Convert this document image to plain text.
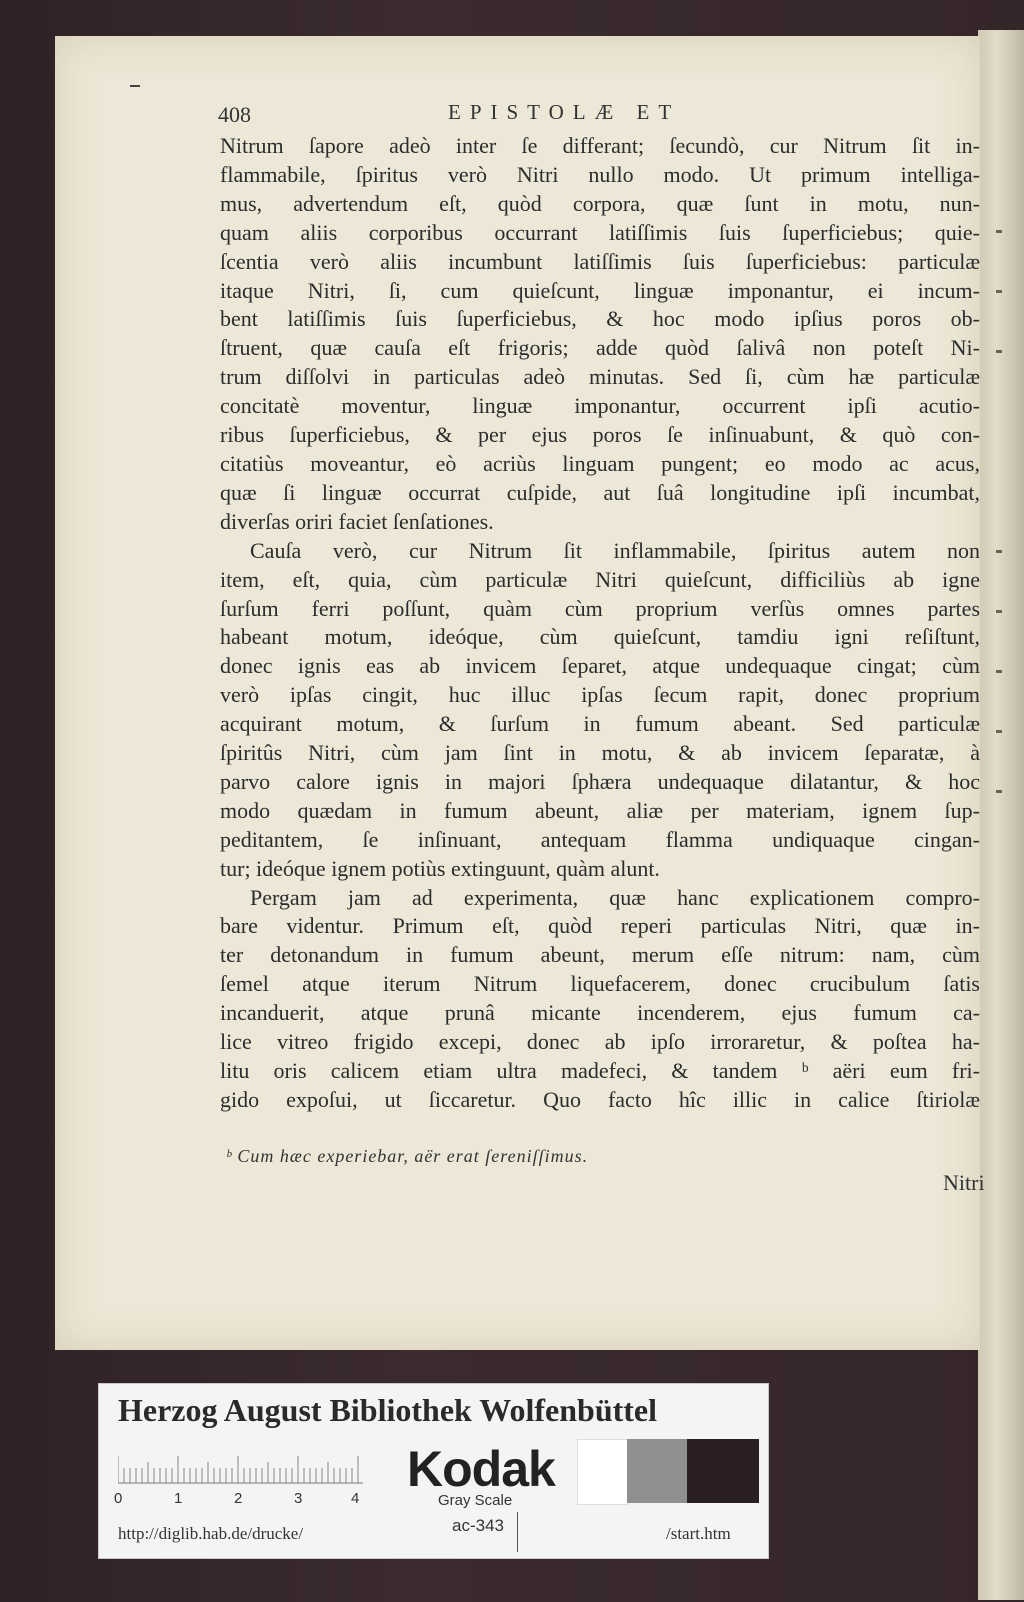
408	EPISTOLÆ ET
Nitrum ſapore adeò inter ſe differant; ſecundò, cur Nitrum ſit in-
flammabile, ſpiritus verò Nitri nullo modo. Ut primum intelliga-
mus, advertendum eſt, quòd corpora, quæ ſunt in motu, nun-
quam aliis corporibus occurrant latiſſimis ſuis ſuperficiebus; quie-
ſcentia verò aliis incumbunt latiſſimis ſuis ſuperficiebus: particulæ
itaque Nitri, ſi, cum quieſcunt, linguæ imponantur, ei incum-
bent latiſſimis ſuis ſuperficiebus, & hoc modo ipſius poros ob-
ſtruent, quæ cauſa eſt frigoris; adde quòd ſalivâ non poteſt Ni-
trum diſſolvi in particulas adeò minutas. Sed ſi, cùm hæ particulæ
concitatè moventur, linguæ imponantur, occurrent ipſi acutio-
ribus ſuperficiebus, & per ejus poros ſe inſinuabunt, & quò con-
citatiùs moveantur, eò acriùs linguam pungent; eo modo ac acus,
quæ ſi linguæ occurrat cuſpide, aut ſuâ longitudine ipſi incumbat,
diverſas oriri faciet ſenſationes.
Cauſa verò, cur Nitrum ſit inflammabile, ſpiritus autem non
item, eſt, quia, cùm particulæ Nitri quieſcunt, difficiliùs ab igne
ſurſum ferri poſſunt, quàm cùm proprium verſùs omnes partes
habeant motum, ideóque, cùm quieſcunt, tamdiu igni reſiſtunt,
donec ignis eas ab invicem ſeparet, atque undequaque cingat; cùm
verò ipſas cingit, huc illuc ipſas ſecum rapit, donec proprium
acquirant motum, & ſurſum in fumum abeant. Sed particulæ
ſpiritûs Nitri, cùm jam ſint in motu, & ab invicem ſeparatæ, à
parvo calore ignis in majori ſphæra undequaque dilatantur, & hoc
modo quædam in fumum abeunt, aliæ per materiam, ignem ſup-
peditantem, ſe inſinuant, antequam flamma undiquaque cingan-
tur; ideóque ignem potiùs extinguunt, quàm alunt.
Pergam jam ad experimenta, quæ hanc explicationem compro-
bare videntur. Primum eſt, quòd reperi particulas Nitri, quæ in-
ter detonandum in fumum abeunt, merum eſſe nitrum: nam, cùm
ſemel atque iterum Nitrum liquefacerem, donec crucibulum ſatis
incanduerit, atque prunâ micante incenderem, ejus fumum ca-
lice vitreo frigido excepi, donec ab ipſo irroraretur, & poſtea ha-
litu oris calicem etiam ultra madefeci, & tandem ᵇ aëri eum fri-
gido expoſui, ut ſiccaretur. Quo facto hîc illic in calice ſtiriolæ
ᵇ Cum hæc experiebar, aër erat ſereniſſimus.
Nitri
Herzog August Bibliothek Wolfenbüttel
0	1	2	3	4
Kodak
Gray Scale
http://diglib.hab.de/drucke/	ac-343	/start.htm
